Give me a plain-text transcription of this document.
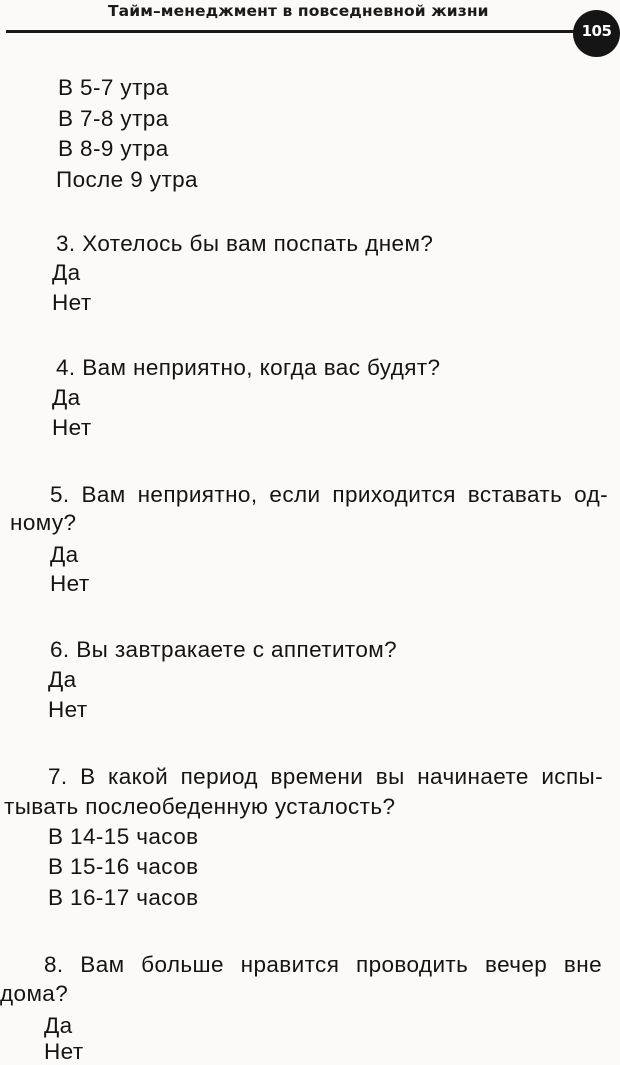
Тайм–менеджмент в повседневной жизни
105
В 5-7 утра
В 7-8 утра
В 8-9 утра
После 9 утра
3. Хотелось бы вам поспать днем?
Да
Нет
4. Вам неприятно, когда вас будят?
Да
Нет
5. Вам неприятно, если приходится вставать од-
ному?
Да
Нет
6. Вы завтракаете с аппетитом?
Да
Нет
7. В какой период времени вы начинаете испы-
тывать послеобеденную усталость?
В 14-15 часов
В 15-16 часов
В 16-17 часов
8. Вам больше нравится проводить вечер вне
дома?
Да
Нет
